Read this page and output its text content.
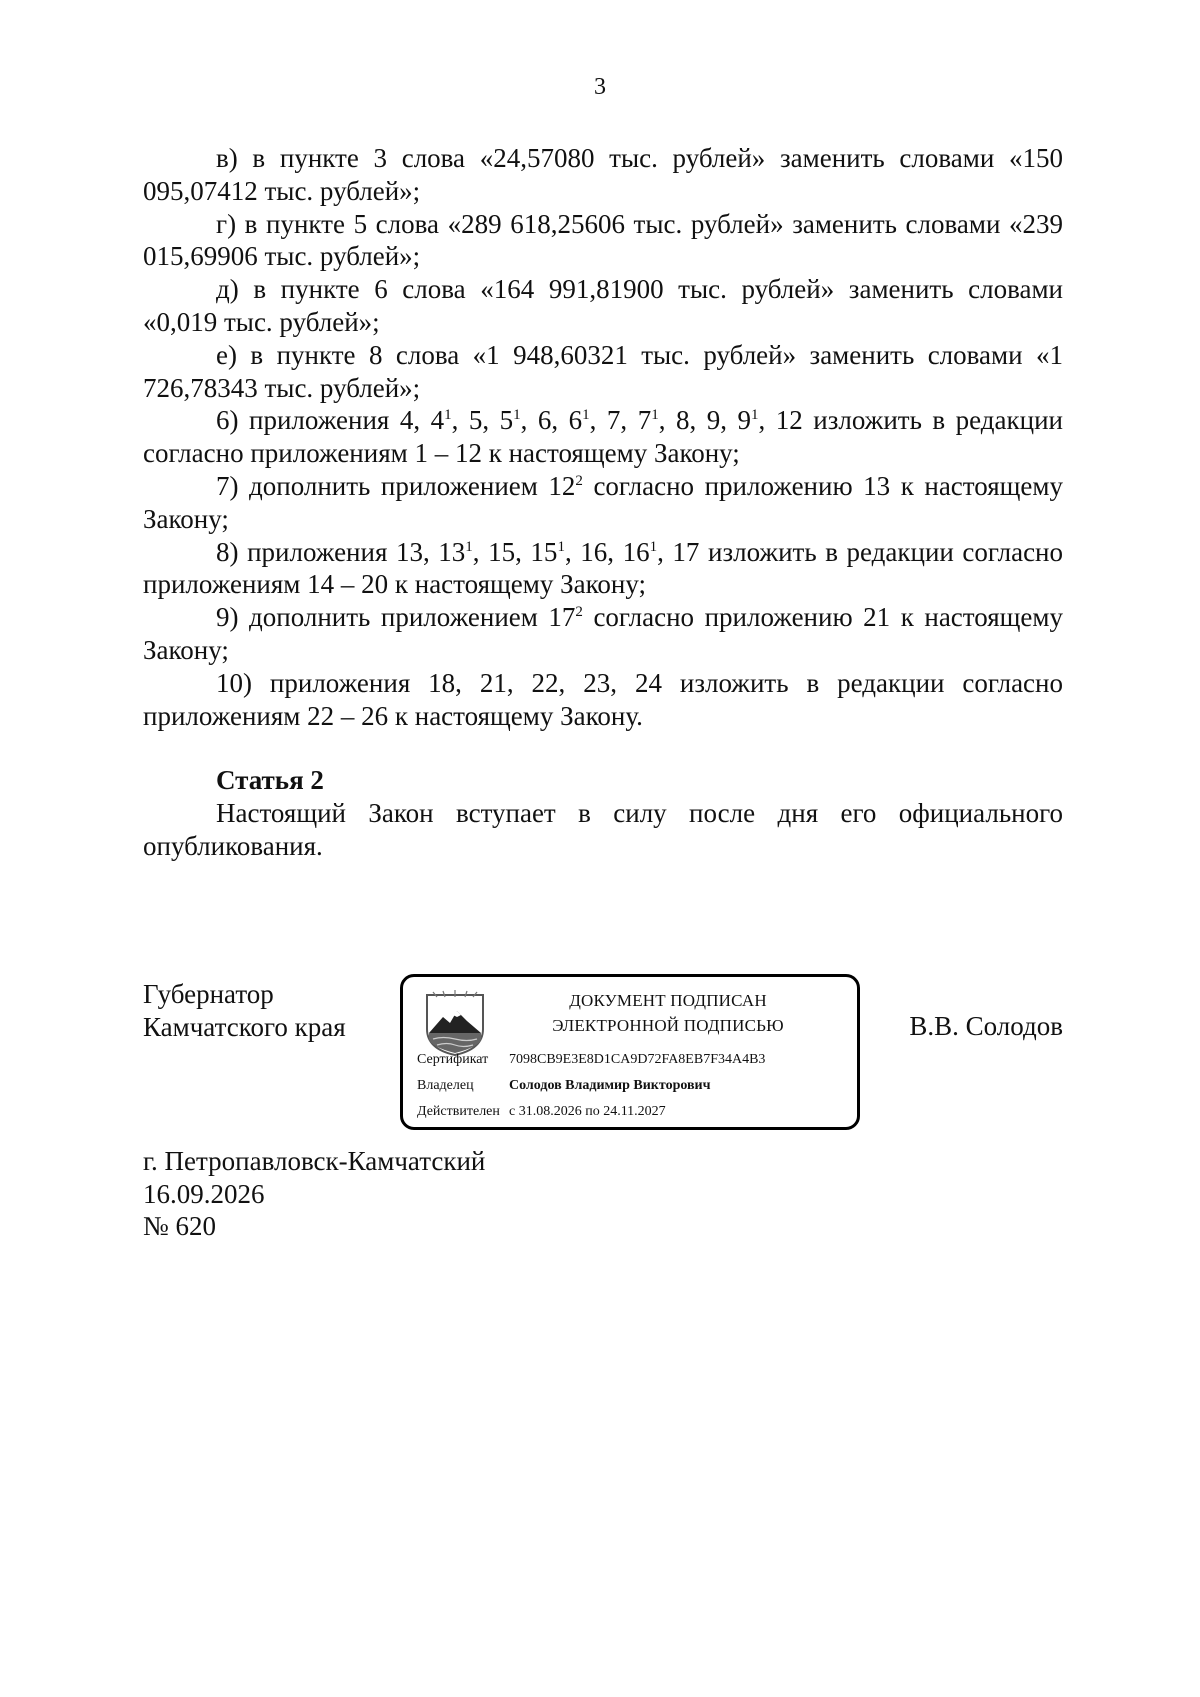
3

в) в пункте 3 слова «24,57080 тыс. рублей» заменить словами «150 095,07412 тыс. рублей»;

г) в пункте 5 слова «289 618,25606 тыс. рублей» заменить словами «239 015,69906 тыс. рублей»;

д) в пункте 6 слова «164 991,81900 тыс. рублей» заменить словами «0,019 тыс. рублей»;

е) в пункте 8 слова «1 948,60321 тыс. рублей» заменить словами «1 726,78343 тыс. рублей»;

6) приложения 4, $4^1$, 5, $5^1$, 6, $6^1$, 7, $7^1$, 8, 9, $9^1$, 12 изложить в редакции согласно приложениям 1 – 12 к настоящему Закону;

7) дополнить приложением $12^2$ согласно приложению 13 к настоящему Закону;

8) приложения 13, $13^1$, 15, $15^1$, 16, $16^1$, 17 изложить в редакции согласно приложениям 14 – 20 к настоящему Закону;

9) дополнить приложением $17^2$ согласно приложению 21 к настоящему Закону;

10) приложения 18, 21, 22, 23, 24 изложить в редакции согласно приложениям 22 – 26 к настоящему Закону.

Статья 2

Настоящий Закон вступает в силу после дня его официального опубликования.

Губернатор
Камчатского края
ДОКУМЕНТ ПОДПИСАН
ЭЛЕКТРОННОЙ ПОДПИСЬЮ
Сертификат 7098CB9E3E8D1CA9D72FA8EB7F34A4B3
Владелец	Солодов Владимир Викторович
Действителен с 31.08.2026 по 24.11.2027
В.В. Солодов
г. Петропавловск-Камчатский
16.09.2026
№ 620
